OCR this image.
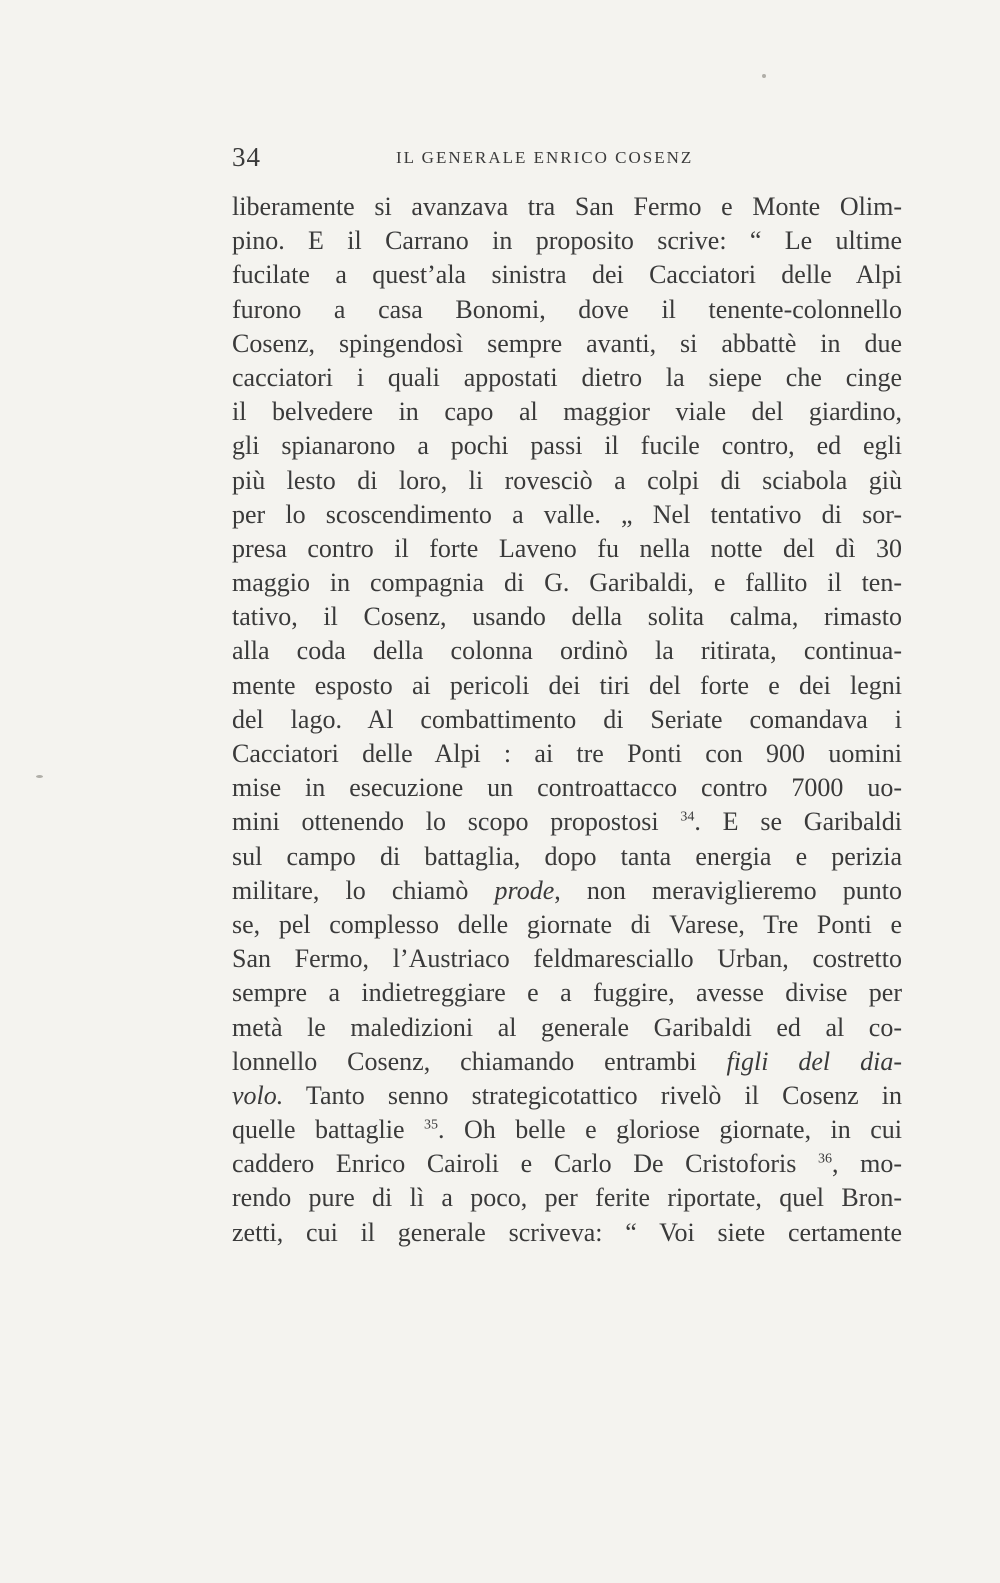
34	IL GENERALE ENRICO COSENZ
liberamente si avanzava tra San Fermo e Monte Olim-
pino. E il Carrano in proposito scrive: “ Le ultime
fucilate a quest’ala sinistra dei Cacciatori delle Alpi
furono a casa Bonomi, dove il tenente-colonnello
Cosenz, spingendosì sempre avanti, si abbattè in due
cacciatori i quali appostati dietro la siepe che cinge
il belvedere in capo al maggior viale del giardino,
gli spianarono a pochi passi il fucile contro, ed egli
più lesto di loro, li rovesciò a colpi di sciabola giù
per lo scoscendimento a valle. „ Nel tentativo di sor-
presa contro il forte Laveno fu nella notte del dì 30
maggio in compagnia di G. Garibaldi, e fallito il ten-
tativo, il Cosenz, usando della solita calma, rimasto
alla coda della colonna ordinò la ritirata, continua-
mente esposto ai pericoli dei tiri del forte e dei legni
del lago. Al combattimento di Seriate comandava i
Cacciatori delle Alpi : ai tre Ponti con 900 uomini
mise in esecuzione un controattacco contro 7000 uo-
mini ottenendo lo scopo propostosi $^{34}$. E se Garibaldi
sul campo di battaglia, dopo tanta energia e perizia
militare, lo chiamò prode, non meraviglieremo punto
se, pel complesso delle giornate di Varese, Tre Ponti e
San Fermo, l’Austriaco feldmaresciallo Urban, costretto
sempre a indietreggiare e a fuggire, avesse divise per
metà le maledizioni al generale Garibaldi ed al co-
lonnello Cosenz, chiamando entrambi figli del dia-
volo. Tanto senno strategicotattico rivelò il Cosenz in
quelle battaglie $^{35}$. Oh belle e gloriose giornate, in cui
caddero Enrico Cairoli e Carlo De Cristoforis $^{36}$, mo-
rendo pure di lì a poco, per ferite riportate, quel Bron-
zetti, cui il generale scriveva: “ Voi siete certamente
